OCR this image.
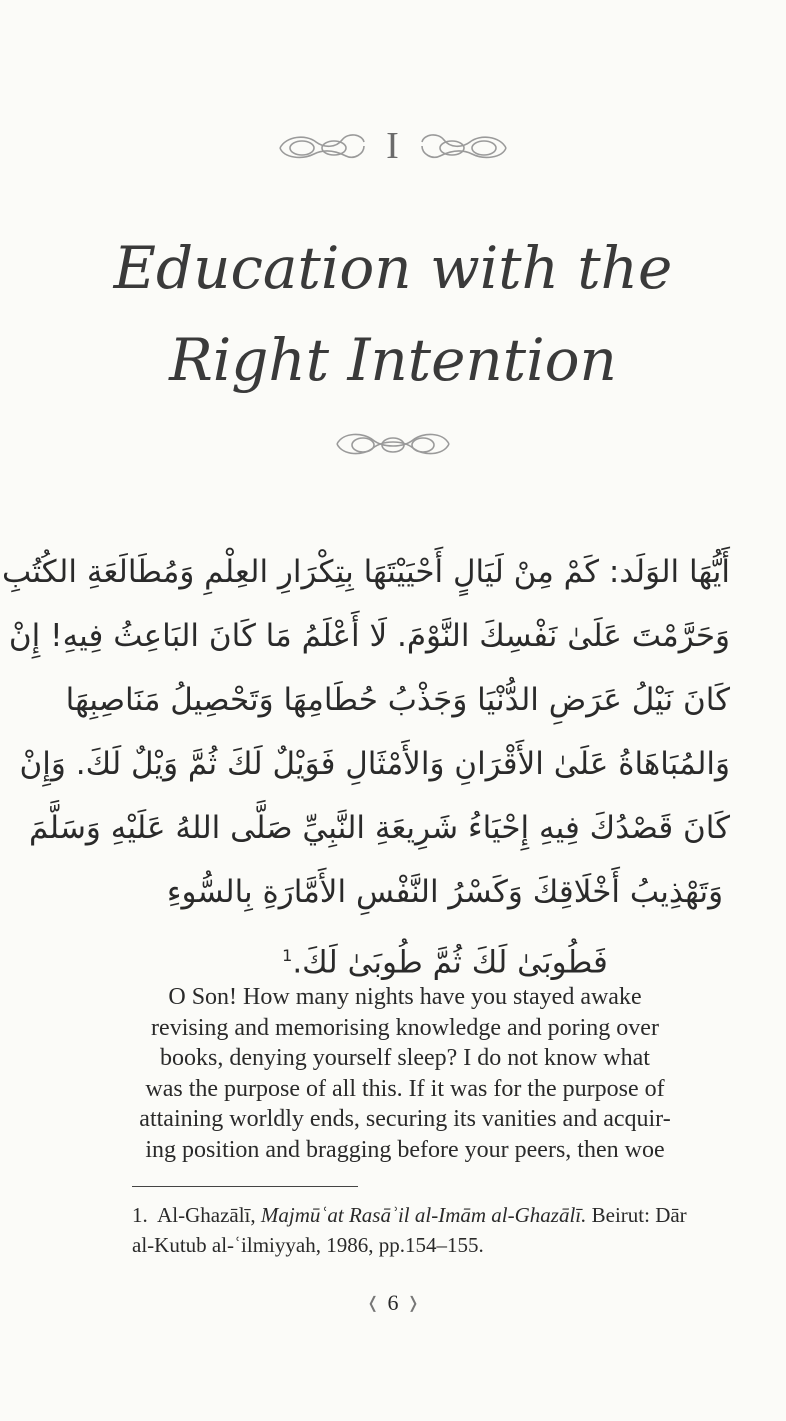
I
Education with the
Right Intention
أَيُّهَا الوَلَد: كَمْ مِنْ لَيَالٍ أَحْيَيْتَهَا بِتِكْرَارِ العِلْمِ وَمُطَالَعَةِ الكُتُبِ
وَحَرَّمْتَ عَلَىٰ نَفْسِكَ النَّوْمَ. لَا أَعْلَمُ مَا كَانَ البَاعِثُ فِيهِ! إِنْ
كَانَ نَيْلُ عَرَضِ الدُّنْيَا وَجَذْبُ حُطَامِهَا وَتَحْصِيلُ مَنَاصِبِهَا
وَالمُبَاهَاةُ عَلَىٰ الأَقْرَانِ وَالأَمْثَالِ فَوَيْلٌ لَكَ ثُمَّ وَيْلٌ لَكَ. وَإِنْ
كَانَ قَصْدُكَ فِيهِ إِحْيَاءُ شَرِيعَةِ النَّبِيِّ صَلَّى اللهُ عَلَيْهِ وَسَلَّمَ
وَتَهْذِيبُ أَخْلَاقِكَ وَكَسْرُ النَّفْسِ الأَمَّارَةِ بِالسُّوءِ
فَطُوبَىٰ لَكَ ثُمَّ طُوبَىٰ لَكَ.$^1$
O Son! How many nights have you stayed awake
revising and memorising knowledge and poring over
books, denying yourself sleep? I do not know what
was the purpose of all this. If it was for the purpose of
attaining worldly ends, securing its vanities and acquir-
ing position and bragging before your peers, then woe
1. Al-Ghazālī, Majmūʿat Rasāʾil al-Imām al-Ghazālī. Beirut: Dār
al-Kutub al-ʿilmiyyah, 1986, pp.154–155.
❬ 6 ❭
